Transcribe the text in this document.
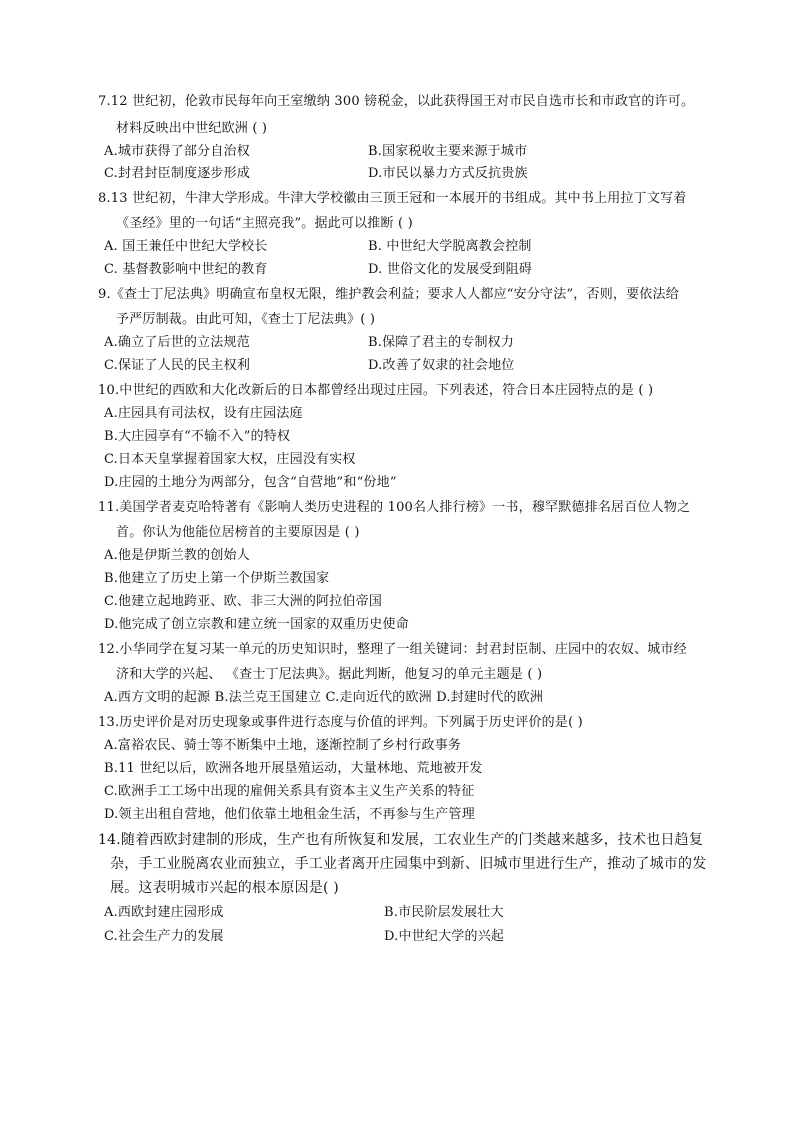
7.12 世纪初，伦敦市民每年向王室缴纳 300 镑税金，以此获得国王对市民自选市长和市政官的许可。
材料反映出中世纪欧洲 ( )
A.城市获得了部分自治权	B.国家税收主要来源于城市
C.封君封臣制度逐步形成	D.市民以暴力方式反抗贵族
8.13 世纪初，牛津大学形成。牛津大学校徽由三顶王冠和一本展开的书组成。其中书上用拉丁文写着
《圣经》里的一句话“主照亮我”。据此可以推断 ( )
A. 国王兼任中世纪大学校长	B. 中世纪大学脱离教会控制
C. 基督教影响中世纪的教育	D. 世俗文化的发展受到阻碍
9.《查士丁尼法典》明确宣布皇权无限，维护教会利益；要求人人都应“安分守法”，否则，要依法给
予严厉制裁。由此可知，《查士丁尼法典》( )
A.确立了后世的立法规范	B.保障了君主的专制权力
C.保证了人民的民主权利	D.改善了奴隶的社会地位
10.中世纪的西欧和大化改新后的日本都曾经出现过庄园。下列表述，符合日本庄园特点的是 ( )
A.庄园具有司法权，设有庄园法庭
B.大庄园享有“不输不入”的特权
C.日本天皇掌握着国家大权，庄园没有实权
D.庄园的土地分为两部分，包含“自营地”和“份地”
11.美国学者麦克哈特著有《影响人类历史进程的 100名人排行榜》一书，穆罕默德排名居百位人物之
首。你认为他能位居榜首的主要原因是 ( )
A.他是伊斯兰教的创始人
B.他建立了历史上第一个伊斯兰教国家
C.他建立起地跨亚、欧、非三大洲的阿拉伯帝国
D.他完成了创立宗教和建立统一国家的双重历史使命
12.小华同学在复习某一单元的历史知识时，整理了一组关键词：封君封臣制、庄园中的农奴、城市经
济和大学的兴起、 《查士丁尼法典》。据此判断，他复习的单元主题是 ( )
A.西方文明的起源 B.法兰克王国建立 C.走向近代的欧洲 D.封建时代的欧洲
13.历史评价是对历史现象或事件进行态度与价值的评判。下列属于历史评价的是( )
A.富裕农民、骑士等不断集中土地，逐渐控制了乡村行政事务
B.11 世纪以后，欧洲各地开展垦殖运动，大量林地、荒地被开发
C.欧洲手工工场中出现的雇佣关系具有资本主义生产关系的特征
D.领主出租自营地，他们依靠土地租金生活，不再参与生产管理
14.随着西欧封建制的形成，生产也有所恢复和发展，工农业生产的门类越来越多，技术也日趋复
杂，手工业脱离农业而独立，手工业者离开庄园集中到新、旧城市里进行生产，推动了城市的发
展。这表明城市兴起的根本原因是( )
A.西欧封建庄园形成	B.市民阶层发展壮大
C.社会生产力的发展	D.中世纪大学的兴起
